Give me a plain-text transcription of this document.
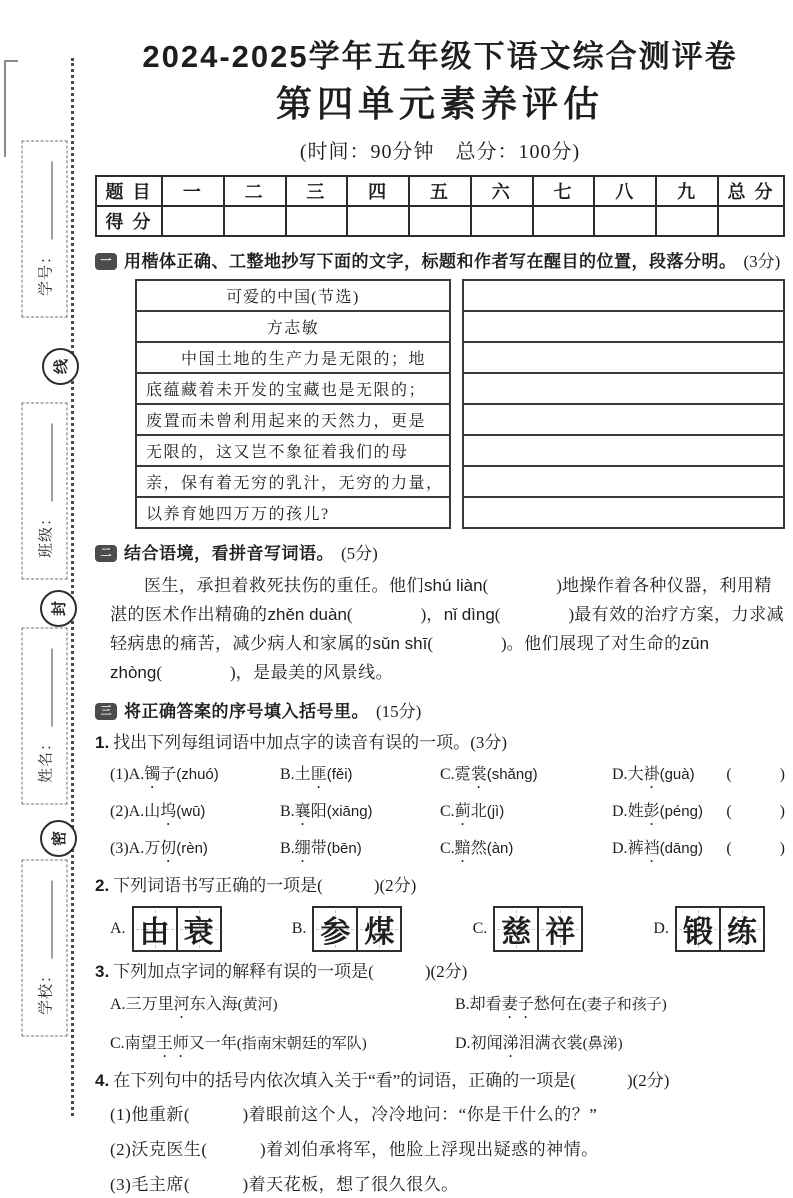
学号：
线
班级：
封
姓名：
密
学校：
2024-2025学年五年级下语文综合测评卷
第四单元素养评估
(时间：90分钟　总分：100分)
题 目	一	二	三	四	五	六	七	八	九	总 分
得 分										
一 用楷体正确、工整地抄写下面的文字，标题和作者写在醒目的位置，段落分明。 (3分)
可爱的中国 (节选)
方志敏
中国土地的生产力是无限的；地
底蕴藏着未开发的宝藏也是无限的；
废置而未曾利用起来的天然力，更是
无限的，这又岂不象征着我们的母
亲，保有着无穷的乳汁，无穷的力量，
以养育她四万万的孩儿?
二 结合语境，看拼音写词语。 (5分)

医生，承担着救死扶伤的重任。他们shú liàn(　　　　)地操作着各种仪器，利用精湛的医术作出精确的zhěn duàn(　　　　)，nǐ dìng(　　　　)最有效的治疗方案，力求减轻病患的痛苦，减少病人和家属的sǔn shī(　　　　)。他们展现了对生命的zūn zhòng(　　　　)，是最美的风景线。

三 将正确答案的序号填入括号里。 (15分)
1. 找出下列每组词语中加点字的读音有误的一项。(3分)
(1)A.镯子(zhuó)	B.土匪(fěi)	C.霓裳(shǎng)	D.大褂(guà)	(　　　)
(2)A.山坞(wū)	B.襄阳(xiāng)	C.蓟北(jì)	D.姓彭(péng)	(　　　)
(3)A.万仞(rèn)	B.绷带(bēn)	C.黯然(àn)	D.裤裆(dāng)	(　　　)
2. 下列词语书写正确的一项是(　　　)(2分)
A. 由 衰	B. 参 煤	C. 慈 祥	D. 锻 练
3. 下列加点字词的解释有误的一项是(　　　)(2分)
A.三万里河东入海(黄河)	B.却看妻子愁何在(妻子和孩子)
C.南望王师又一年(指南宋朝廷的军队)	D.初闻涕泪满衣裳(鼻涕)
4. 在下列句中的括号内依次填入关于“看”的词语，正确的一项是(　　　)(2分)
(1)他重新(　　　)着眼前这个人，冷冷地问：“你是干什么的？”
(2)沃克医生(　　　)着刘伯承将军，他脸上浮现出疑惑的神情。
(3)毛主席(　　　)着天花板，想了很久很久。
